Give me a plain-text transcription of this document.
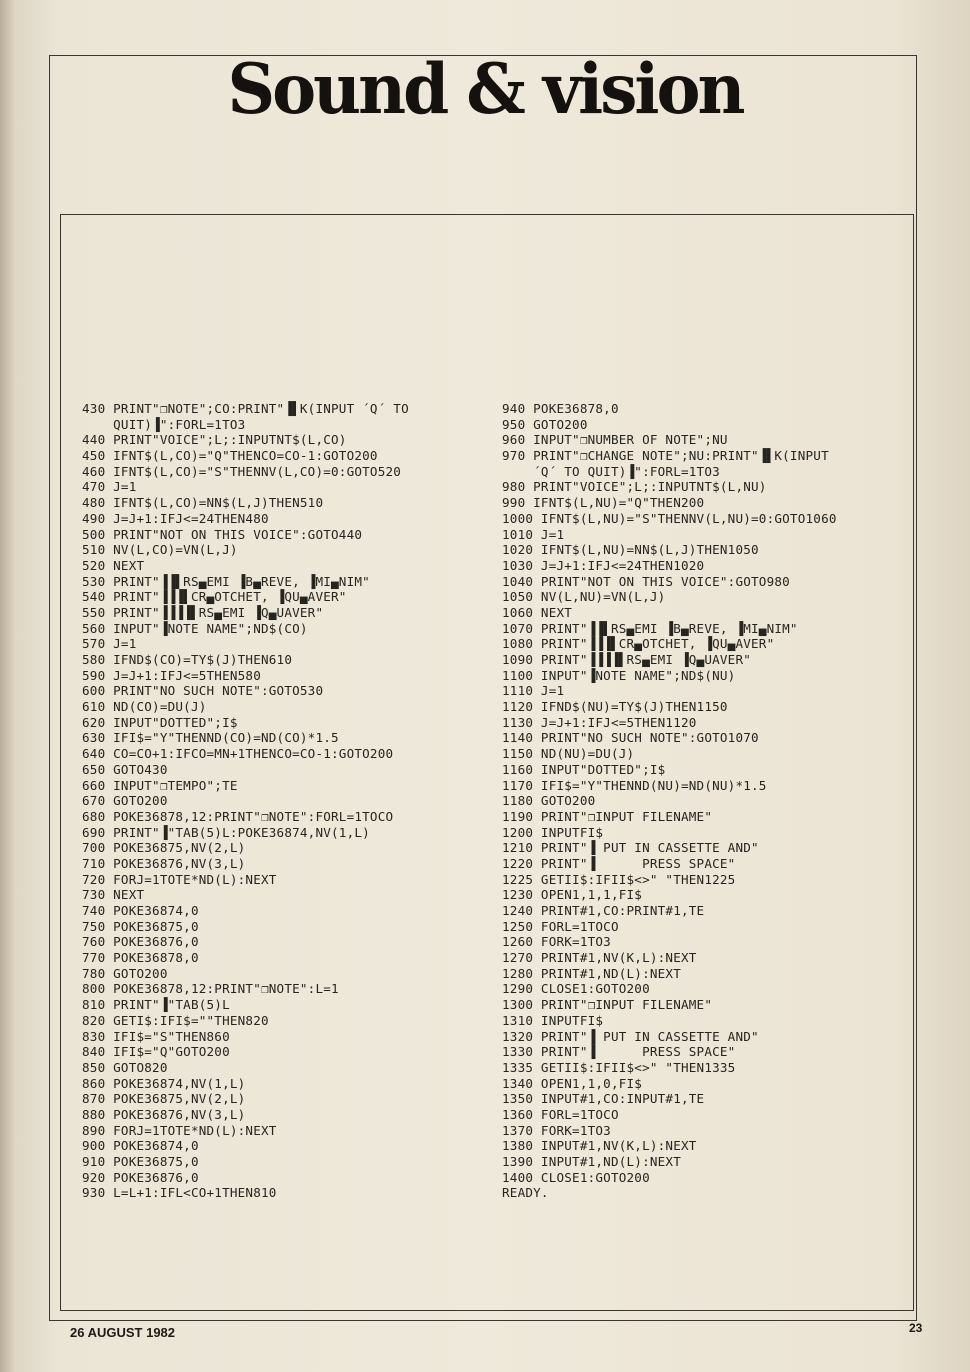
Sound & vision
430 PRINT"❐NOTE";CO:PRINT"▐▌K(INPUT ´Q´ TO
QUIT)▐":FORL=1TO3
440 PRINT"VOICE";L;:INPUTNT$(L,CO)
450 IFNT$(L,CO)="Q"THENCO=CO-1:GOTO200
460 IFNT$(L,CO)="S"THENNV(L,CO)=0:GOTO520
470 J=1
480 IFNT$(L,CO)=NN$(L,J)THEN510
490 J=J+1:IFJ<=24THEN480
500 PRINT"NOT ON THIS VOICE":GOTO440
510 NV(L,CO)=VN(L,J)
520 NEXT
530 PRINT"▐▐▌RS▄EMI ▐B▄REVE, ▐MI▄NIM"
540 PRINT"▐▐▐▌CR▄OTCHET, ▐QU▄AVER"
550 PRINT"▐▐▐▐▌RS▄EMI ▐Q▄UAVER"
560 INPUT"▐NOTE NAME";ND$(CO)
570 J=1
580 IFND$(CO)=TY$(J)THEN610
590 J=J+1:IFJ<=5THEN580
600 PRINT"NO SUCH NOTE":GOTO530
610 ND(CO)=DU(J)
620 INPUT"DOTTED";I$
630 IFI$="Y"THENND(CO)=ND(CO)*1.5
640 CO=CO+1:IFCO=MN+1THENCO=CO-1:GOTO200
650 GOTO430
660 INPUT"❐TEMPO";TE
670 GOTO200
680 POKE36878,12:PRINT"❐NOTE":FORL=1TOCO
690 PRINT"▐"TAB(5)L:POKE36874,NV(1,L)
700 POKE36875,NV(2,L)
710 POKE36876,NV(3,L)
720 FORJ=1TOTE*ND(L):NEXT
730 NEXT
740 POKE36874,0
750 POKE36875,0
760 POKE36876,0
770 POKE36878,0
780 GOTO200
800 POKE36878,12:PRINT"❐NOTE":L=1
810 PRINT"▐"TAB(5)L
820 GETI$:IFI$=""THEN820
830 IFI$="S"THEN860
840 IFI$="Q"GOTO200
850 GOTO820
860 POKE36874,NV(1,L)
870 POKE36875,NV(2,L)
880 POKE36876,NV(3,L)
890 FORJ=1TOTE*ND(L):NEXT
900 POKE36874,0
910 POKE36875,0
920 POKE36876,0
930 L=L+1:IFL<CO+1THEN810
940 POKE36878,0
950 GOTO200
960 INPUT"❐NUMBER OF NOTE";NU
970 PRINT"❐CHANGE NOTE";NU:PRINT"▐▌K(INPUT
´Q´ TO QUIT)▐":FORL=1TO3
980 PRINT"VOICE";L;:INPUTNT$(L,NU)
990 IFNT$(L,NU)="Q"THEN200
1000 IFNT$(L,NU)="S"THENNV(L,NU)=0:GOTO1060
1010 J=1
1020 IFNT$(L,NU)=NN$(L,J)THEN1050
1030 J=J+1:IFJ<=24THEN1020
1040 PRINT"NOT ON THIS VOICE":GOTO980
1050 NV(L,NU)=VN(L,J)
1060 NEXT
1070 PRINT"▐▐▌RS▄EMI ▐B▄REVE, ▐MI▄NIM"
1080 PRINT"▐▐▐▌CR▄OTCHET, ▐QU▄AVER"
1090 PRINT"▐▐▐▐▌RS▄EMI ▐Q▄UAVER"
1100 INPUT"▐NOTE NAME";ND$(NU)
1110 J=1
1120 IFND$(NU)=TY$(J)THEN1150
1130 J=J+1:IFJ<=5THEN1120
1140 PRINT"NO SUCH NOTE":GOTO1070
1150 ND(NU)=DU(J)
1160 INPUT"DOTTED";I$
1170 IFI$="Y"THENND(NU)=ND(NU)*1.5
1180 GOTO200
1190 PRINT"❐INPUT FILENAME"
1200 INPUTFI$
1210 PRINT"▐ PUT IN CASSETTE AND"
1220 PRINT"▐      PRESS SPACE"
1225 GETII$:IFII$<>" "THEN1225
1230 OPEN1,1,1,FI$
1240 PRINT#1,CO:PRINT#1,TE
1250 FORL=1TOCO
1260 FORK=1TO3
1270 PRINT#1,NV(K,L):NEXT
1280 PRINT#1,ND(L):NEXT
1290 CLOSE1:GOTO200
1300 PRINT"❐INPUT FILENAME"
1310 INPUTFI$
1320 PRINT"▐ PUT IN CASSETTE AND"
1330 PRINT"▐      PRESS SPACE"
1335 GETII$:IFII$<>" "THEN1335
1340 OPEN1,1,0,FI$
1350 INPUT#1,CO:INPUT#1,TE
1360 FORL=1TOCO
1370 FORK=1TO3
1380 INPUT#1,NV(K,L):NEXT
1390 INPUT#1,ND(L):NEXT
1400 CLOSE1:GOTO200
READY.
26 AUGUST 1982	23
